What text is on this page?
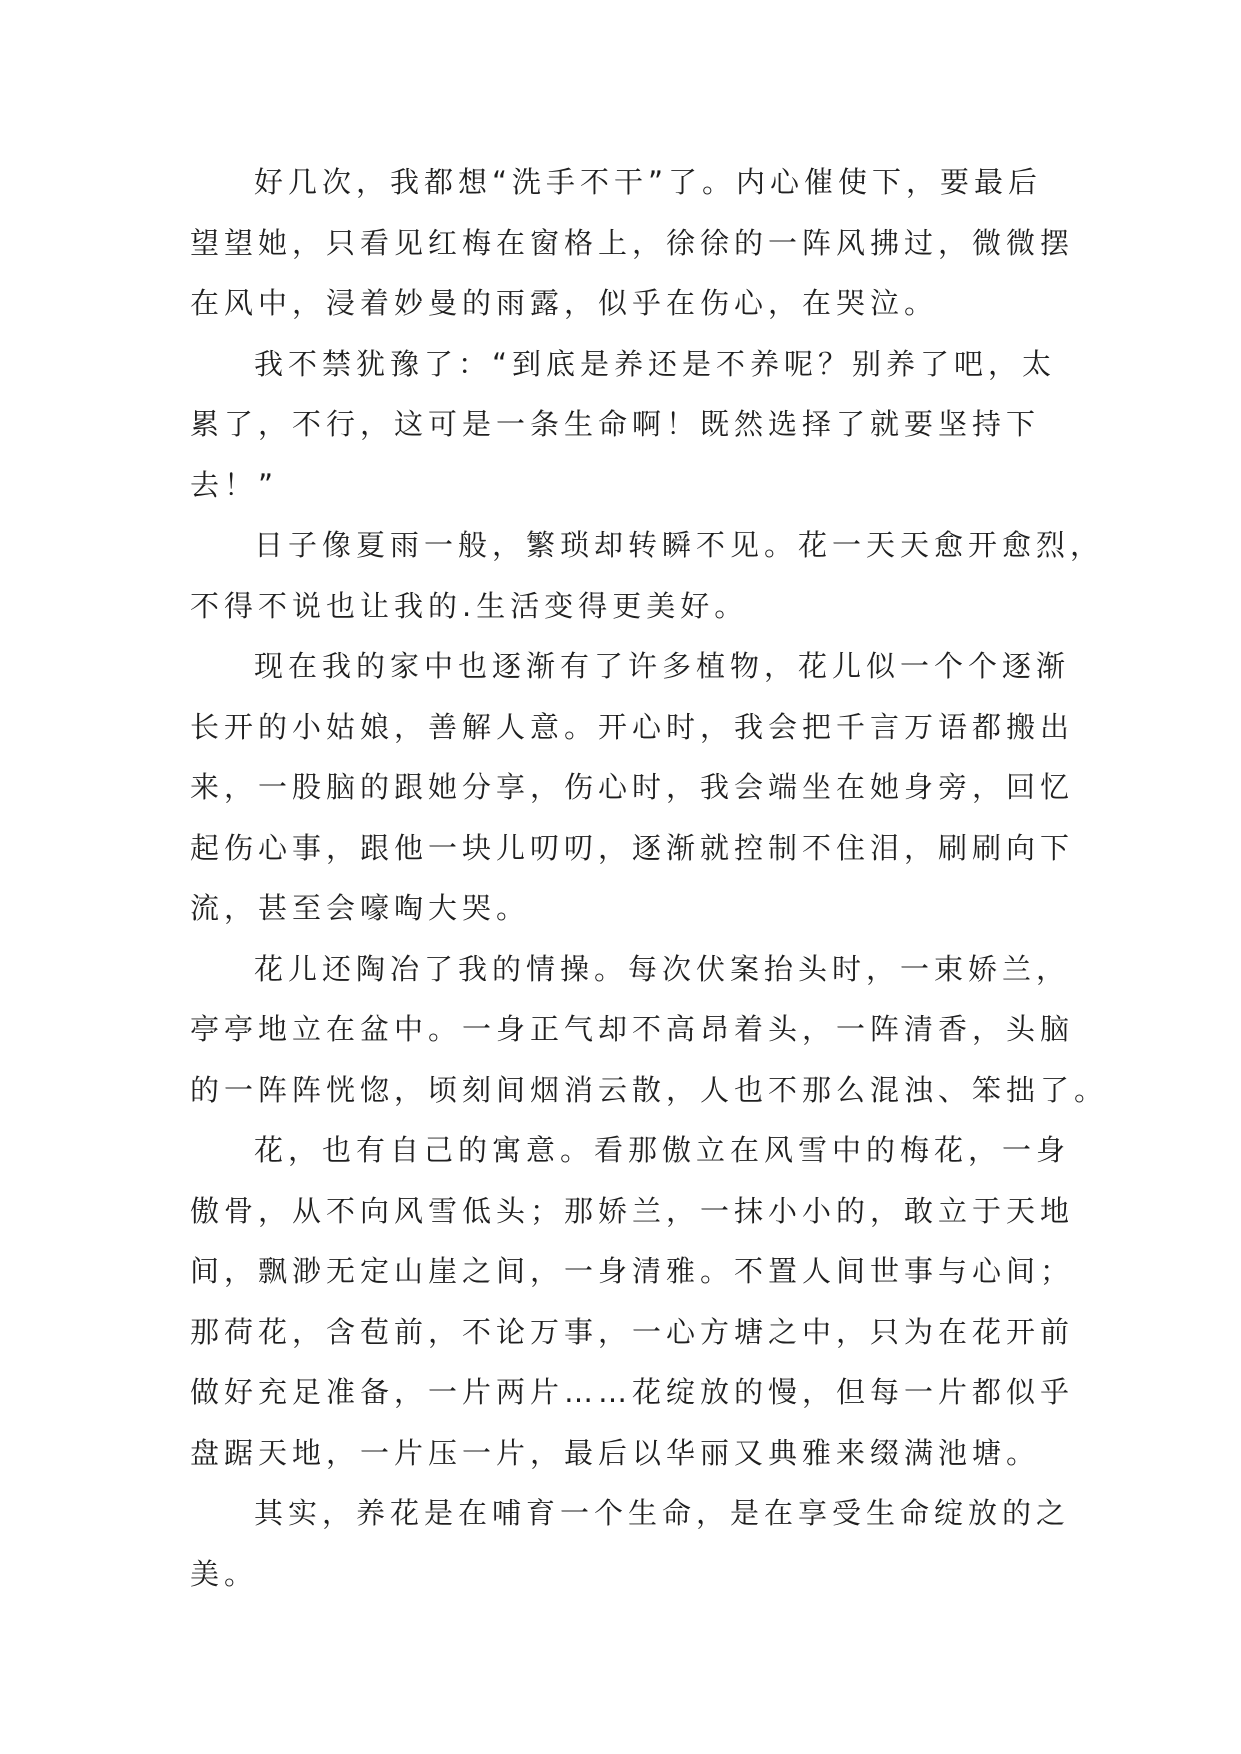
好几次，我都想“洗手不干”了。内心催使下，要最后
望望她，只看见红梅在窗格上，徐徐的一阵风拂过，微微摆
在风中，浸着妙曼的雨露，似乎在伤心，在哭泣。
我不禁犹豫了：“到底是养还是不养呢？别养了吧，太
累了，不行，这可是一条生命啊！既然选择了就要坚持下
去！”
日子像夏雨一般，繁琐却转瞬不见。花一天天愈开愈烈，
不得不说也让我的.生活变得更美好。
现在我的家中也逐渐有了许多植物，花儿似一个个逐渐
长开的小姑娘，善解人意。开心时，我会把千言万语都搬出
来，一股脑的跟她分享，伤心时，我会端坐在她身旁，回忆
起伤心事，跟他一块儿叨叨，逐渐就控制不住泪，刷刷向下
流，甚至会嚎啕大哭。
花儿还陶冶了我的情操。每次伏案抬头时，一束娇兰，
亭亭地立在盆中。一身正气却不高昂着头，一阵清香，头脑
的一阵阵恍惚，顷刻间烟消云散，人也不那么混浊、笨拙了。
花，也有自己的寓意。看那傲立在风雪中的梅花，一身
傲骨，从不向风雪低头；那娇兰，一抹小小的，敢立于天地
间，飘渺无定山崖之间，一身清雅。不置人间世事与心间；
那荷花，含苞前，不论万事，一心方塘之中，只为在花开前
做好充足准备，一片两片……花绽放的慢，但每一片都似乎
盘踞天地，一片压一片，最后以华丽又典雅来缀满池塘。
其实，养花是在哺育一个生命，是在享受生命绽放的之
美。
